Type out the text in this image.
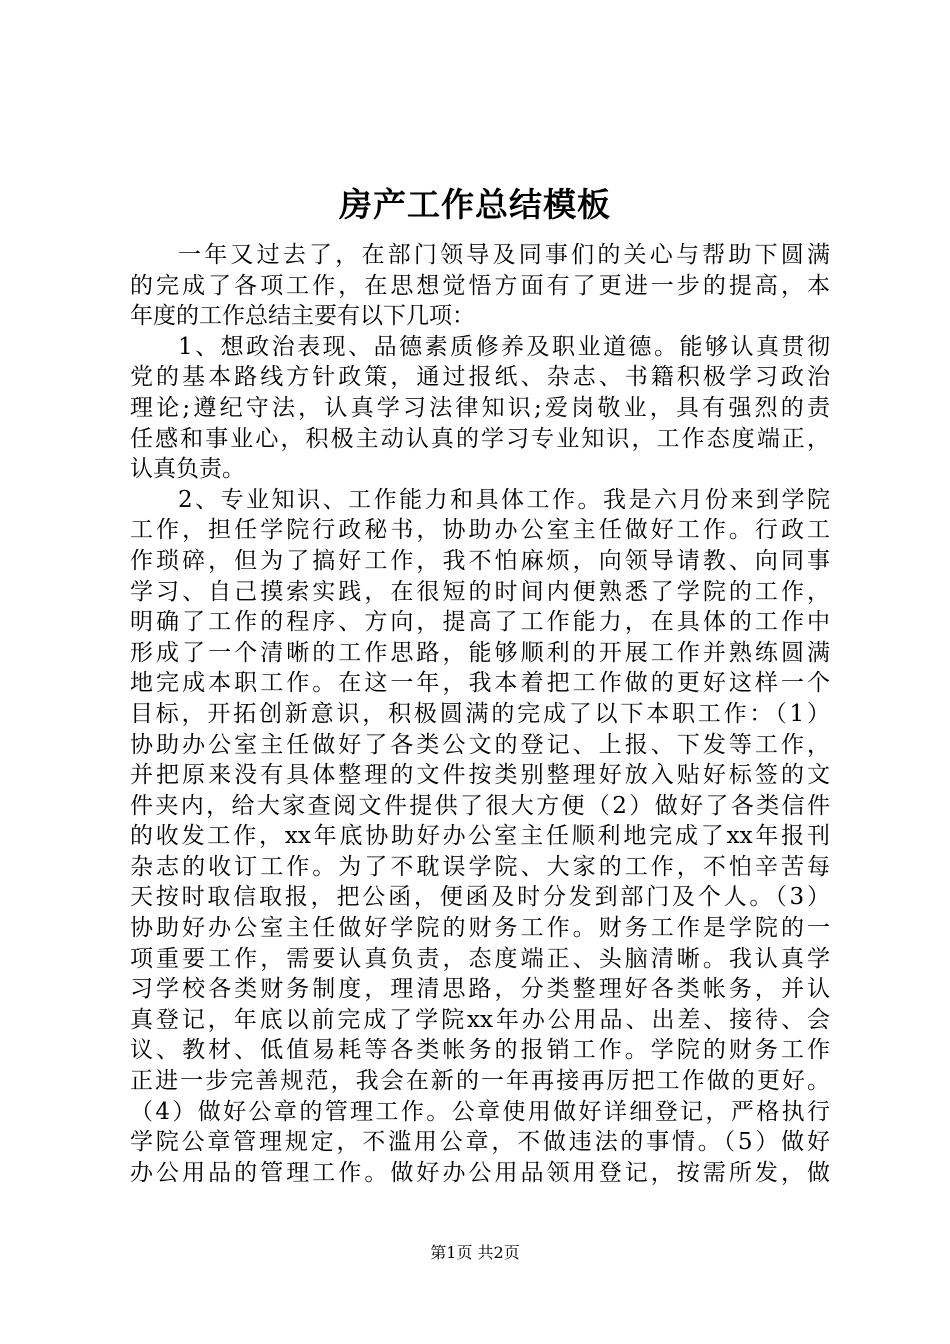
房产工作总结模板
一年又过去了，在部门领导及同事们的关心与帮助下圆满
的完成了各项工作，在思想觉悟方面有了更进一步的提高，本
年度的工作总结主要有以下几项：
1、想政治表现、品德素质修养及职业道德。能够认真贯彻
党的基本路线方针政策，通过报纸、杂志、书籍积极学习政治
理论;遵纪守法，认真学习法律知识;爱岗敬业，具有强烈的责
任感和事业心，积极主动认真的学习专业知识，工作态度端正，
认真负责。
2、专业知识、工作能力和具体工作。我是六月份来到学院
工作，担任学院行政秘书，协助办公室主任做好工作。行政工
作琐碎，但为了搞好工作，我不怕麻烦，向领导请教、向同事
学习、自己摸索实践，在很短的时间内便熟悉了学院的工作，
明确了工作的程序、方向，提高了工作能力，在具体的工作中
形成了一个清晰的工作思路，能够顺利的开展工作并熟练圆满
地完成本职工作。在这一年，我本着把工作做的更好这样一个
目标，开拓创新意识，积极圆满的完成了以下本职工作：（1）
协助办公室主任做好了各类公文的登记、上报、下发等工作，
并把原来没有具体整理的文件按类别整理好放入贴好标签的文
件夹内，给大家查阅文件提供了很大方便（2）做好了各类信件
的收发工作，xx年底协助好办公室主任顺利地完成了xx年报刊
杂志的收订工作。为了不耽误学院、大家的工作，不怕辛苦每
天按时取信取报，把公函，便函及时分发到部门及个人。（3）
协助好办公室主任做好学院的财务工作。财务工作是学院的一
项重要工作，需要认真负责，态度端正、头脑清晰。我认真学
习学校各类财务制度，理清思路，分类整理好各类帐务，并认
真登记，年底以前完成了学院xx年办公用品、出差、接待、会
议、教材、低值易耗等各类帐务的报销工作。学院的财务工作
正进一步完善规范，我会在新的一年再接再厉把工作做的更好。
（4）做好公章的管理工作。公章使用做好详细登记，严格执行
学院公章管理规定，不滥用公章，不做违法的事情。（5）做好
办公用品的管理工作。做好办公用品领用登记，按需所发，做
第1页 共2页
